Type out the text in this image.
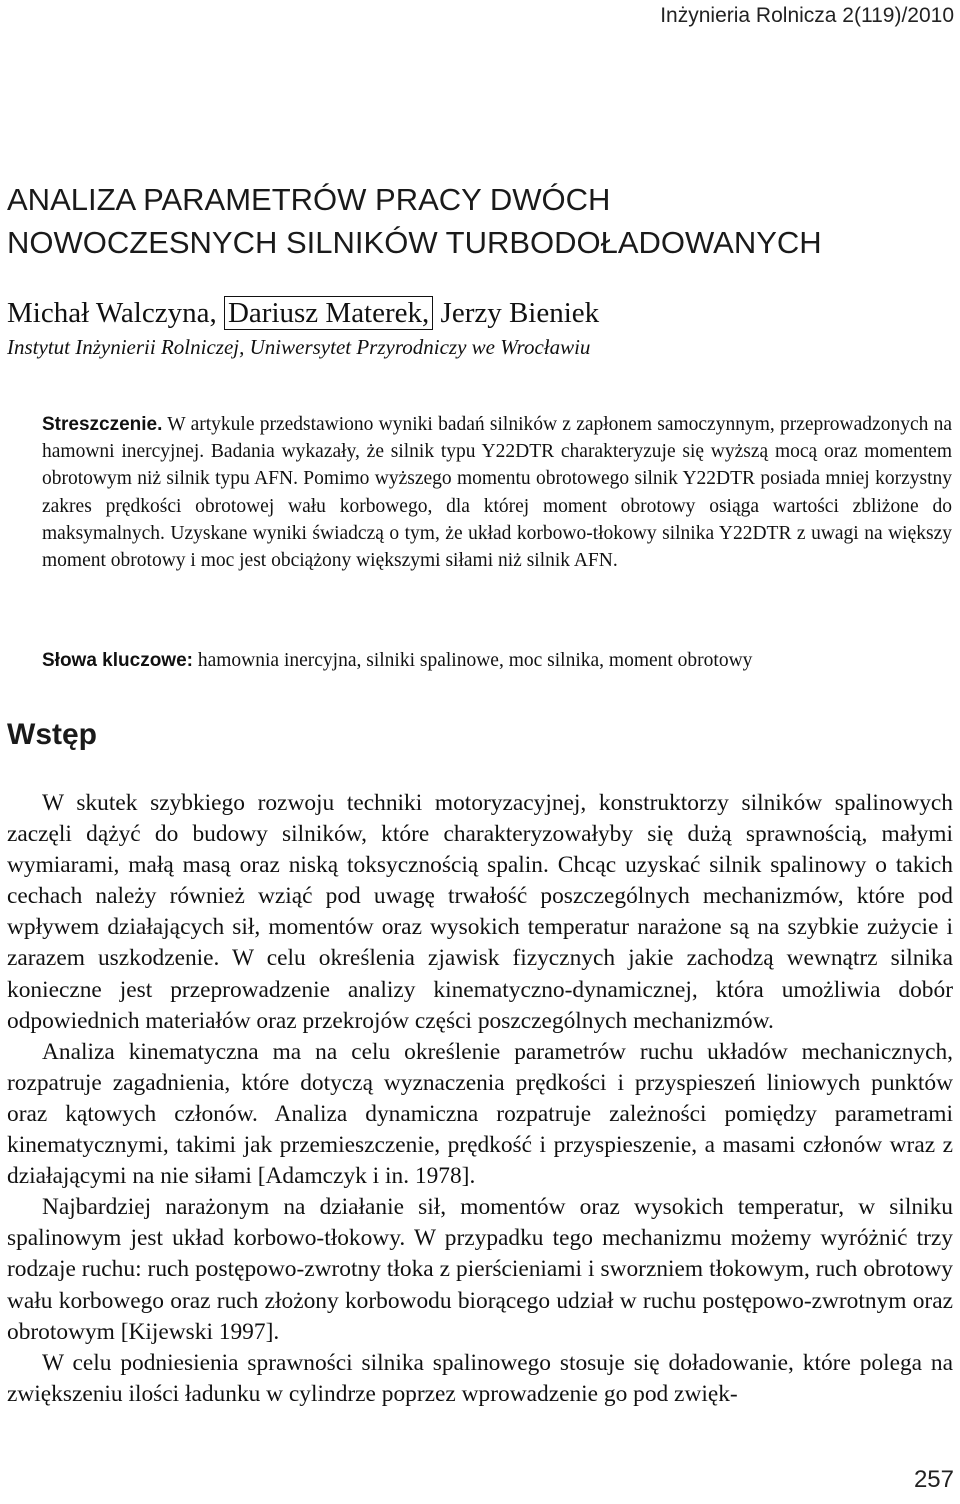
Inżynieria Rolnicza 2(119)/2010
ANALIZA PARAMETRÓW PRACY DWÓCH
NOWOCZESNYCH SILNIKÓW TURBODOŁADOWANYCH
Michał Walczyna, Dariusz Materek, Jerzy Bieniek
Instytut Inżynierii Rolniczej, Uniwersytet Przyrodniczy we Wrocławiu
Streszczenie. W artykule przedstawiono wyniki badań silników z zapłonem samoczynnym, przeprowadzonych na hamowni inercyjnej. Badania wykazały, że silnik typu Y22DTR charakteryzuje się wyższą mocą oraz momentem obrotowym niż silnik typu AFN. Pomimo wyższego momentu obrotowego silnik Y22DTR posiada mniej korzystny zakres prędkości obrotowej wału korbowego, dla której moment obrotowy osiąga wartości zbliżone do maksymalnych. Uzyskane wyniki świadczą o tym, że układ korbowo-tłokowy silnika Y22DTR z uwagi na większy moment obrotowy i moc jest obciążony większymi siłami niż silnik AFN.
Słowa kluczowe: hamownia inercyjna, silniki spalinowe, moc silnika, moment obrotowy
Wstęp

W skutek szybkiego rozwoju techniki motoryzacyjnej, konstruktorzy silników spalinowych zaczęli dążyć do budowy silników, które charakteryzowałyby się dużą sprawnością, małymi wymiarami, małą masą oraz niską toksycznością spalin. Chcąc uzyskać silnik spalinowy o takich cechach należy również wziąć pod uwagę trwałość poszczególnych mechanizmów, które pod wpływem działających sił, momentów oraz wysokich temperatur narażone są na szybkie zużycie i zarazem uszkodzenie. W celu określenia zjawisk fizycznych jakie zachodzą wewnątrz silnika konieczne jest przeprowadzenie analizy kinematyczno-dynamicznej, która umożliwia dobór odpowiednich materiałów oraz przekrojów części poszczególnych mechanizmów.

Analiza kinematyczna ma na celu określenie parametrów ruchu układów mechanicznych, rozpatruje zagadnienia, które dotyczą wyznaczenia prędkości i przyspieszeń liniowych punktów oraz kątowych członów. Analiza dynamiczna rozpatruje zależności pomiędzy parametrami kinematycznymi, takimi jak przemieszczenie, prędkość i przyspieszenie, a masami członów wraz z działającymi na nie siłami [Adamczyk i in. 1978].

Najbardziej narażonym na działanie sił, momentów oraz wysokich temperatur, w silniku spalinowym jest układ korbowo-tłokowy. W przypadku tego mechanizmu możemy wyróżnić trzy rodzaje ruchu: ruch postępowo-zwrotny tłoka z pierścieniami i sworzniem tłokowym, ruch obrotowy wału korbowego oraz ruch złożony korbowodu biorącego udział w ruchu postępowo-zwrotnym oraz obrotowym [Kijewski 1997].

W celu podniesienia sprawności silnika spalinowego stosuje się doładowanie, które polega na zwiększeniu ilości ładunku w cylindrze poprzez wprowadzenie go pod zwięk-

257
